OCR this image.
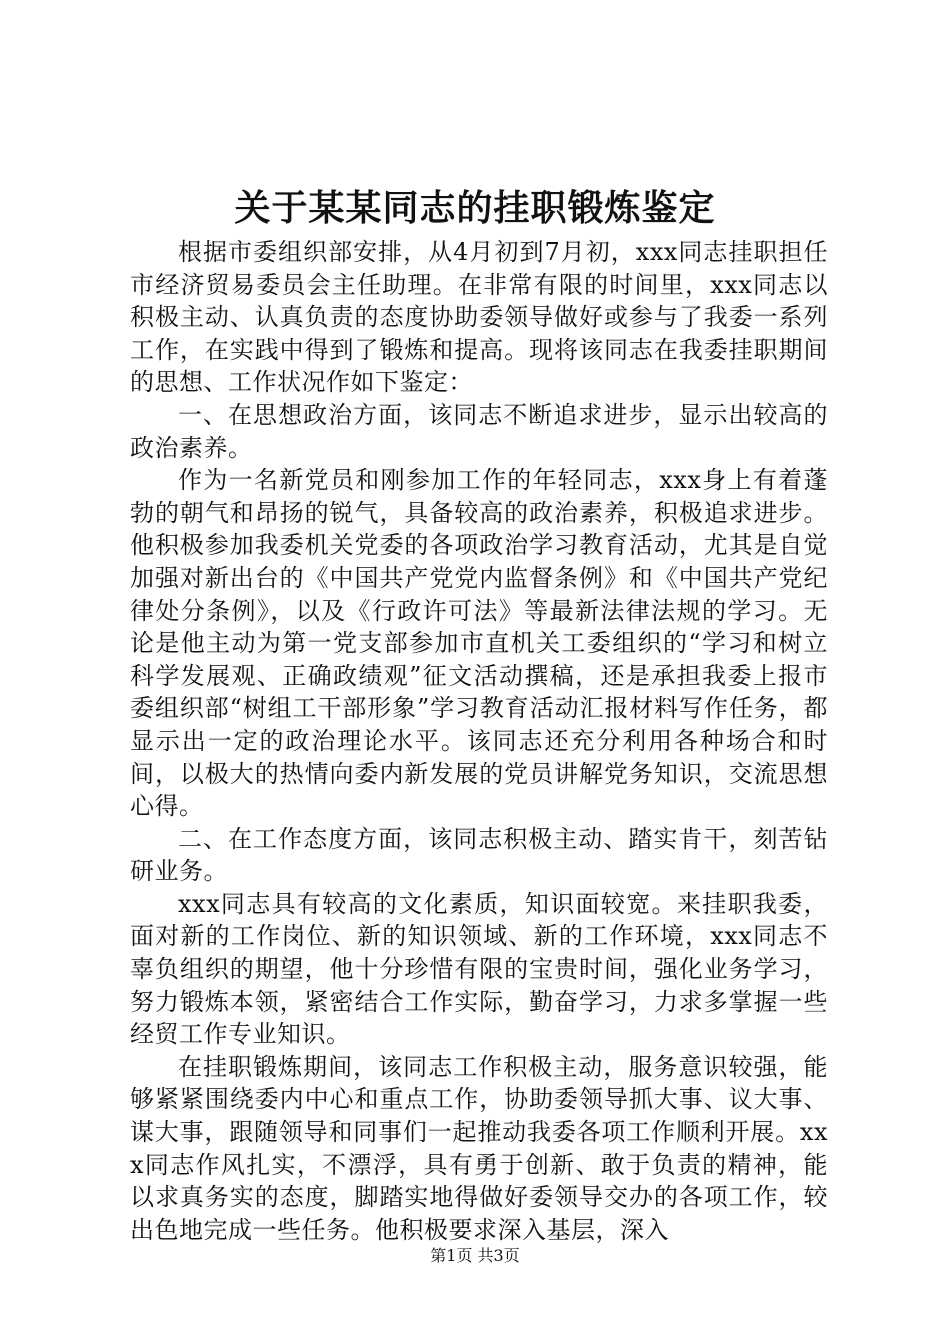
关于某某同志的挂职锻炼鉴定

根据市委组织部安排，从4月初到7月初，xxx同志挂职担任市经济贸易委员会主任助理。在非常有限的时间里，xxx同志以积极主动、认真负责的态度协助委领导做好或参与了我委一系列工作，在实践中得到了锻炼和提高。现将该同志在我委挂职期间的思想、工作状况作如下鉴定：

一、在思想政治方面，该同志不断追求进步，显示出较高的政治素养。

作为一名新党员和刚参加工作的年轻同志，xxx身上有着蓬勃的朝气和昂扬的锐气，具备较高的政治素养，积极追求进步。他积极参加我委机关党委的各项政治学习教育活动，尤其是自觉加强对新出台的《中国共产党党内监督条例》和《中国共产党纪律处分条例》，以及《行政许可法》等最新法律法规的学习。无论是他主动为第一党支部参加市直机关工委组织的“学习和树立科学发展观、正确政绩观”征文活动撰稿，还是承担我委上报市委组织部“树组工干部形象”学习教育活动汇报材料写作任务，都显示出一定的政治理论水平。该同志还充分利用各种场合和时间，以极大的热情向委内新发展的党员讲解党务知识，交流思想心得。

二、在工作态度方面，该同志积极主动、踏实肯干，刻苦钻研业务。

xxx同志具有较高的文化素质，知识面较宽。来挂职我委，面对新的工作岗位、新的知识领域、新的工作环境，xxx同志不辜负组织的期望，他十分珍惜有限的宝贵时间，强化业务学习，努力锻炼本领，紧密结合工作实际，勤奋学习，力求多掌握一些经贸工作专业知识。

在挂职锻炼期间，该同志工作积极主动，服务意识较强，能够紧紧围绕委内中心和重点工作，协助委领导抓大事、议大事、谋大事，跟随领导和同事们一起推动我委各项工作顺利开展。xxx同志作风扎实，不漂浮，具有勇于创新、敢于负责的精神，能以求真务实的态度，脚踏实地得做好委领导交办的各项工作，较出色地完成一些任务。他积极要求深入基层，深入

第1页 共3页
